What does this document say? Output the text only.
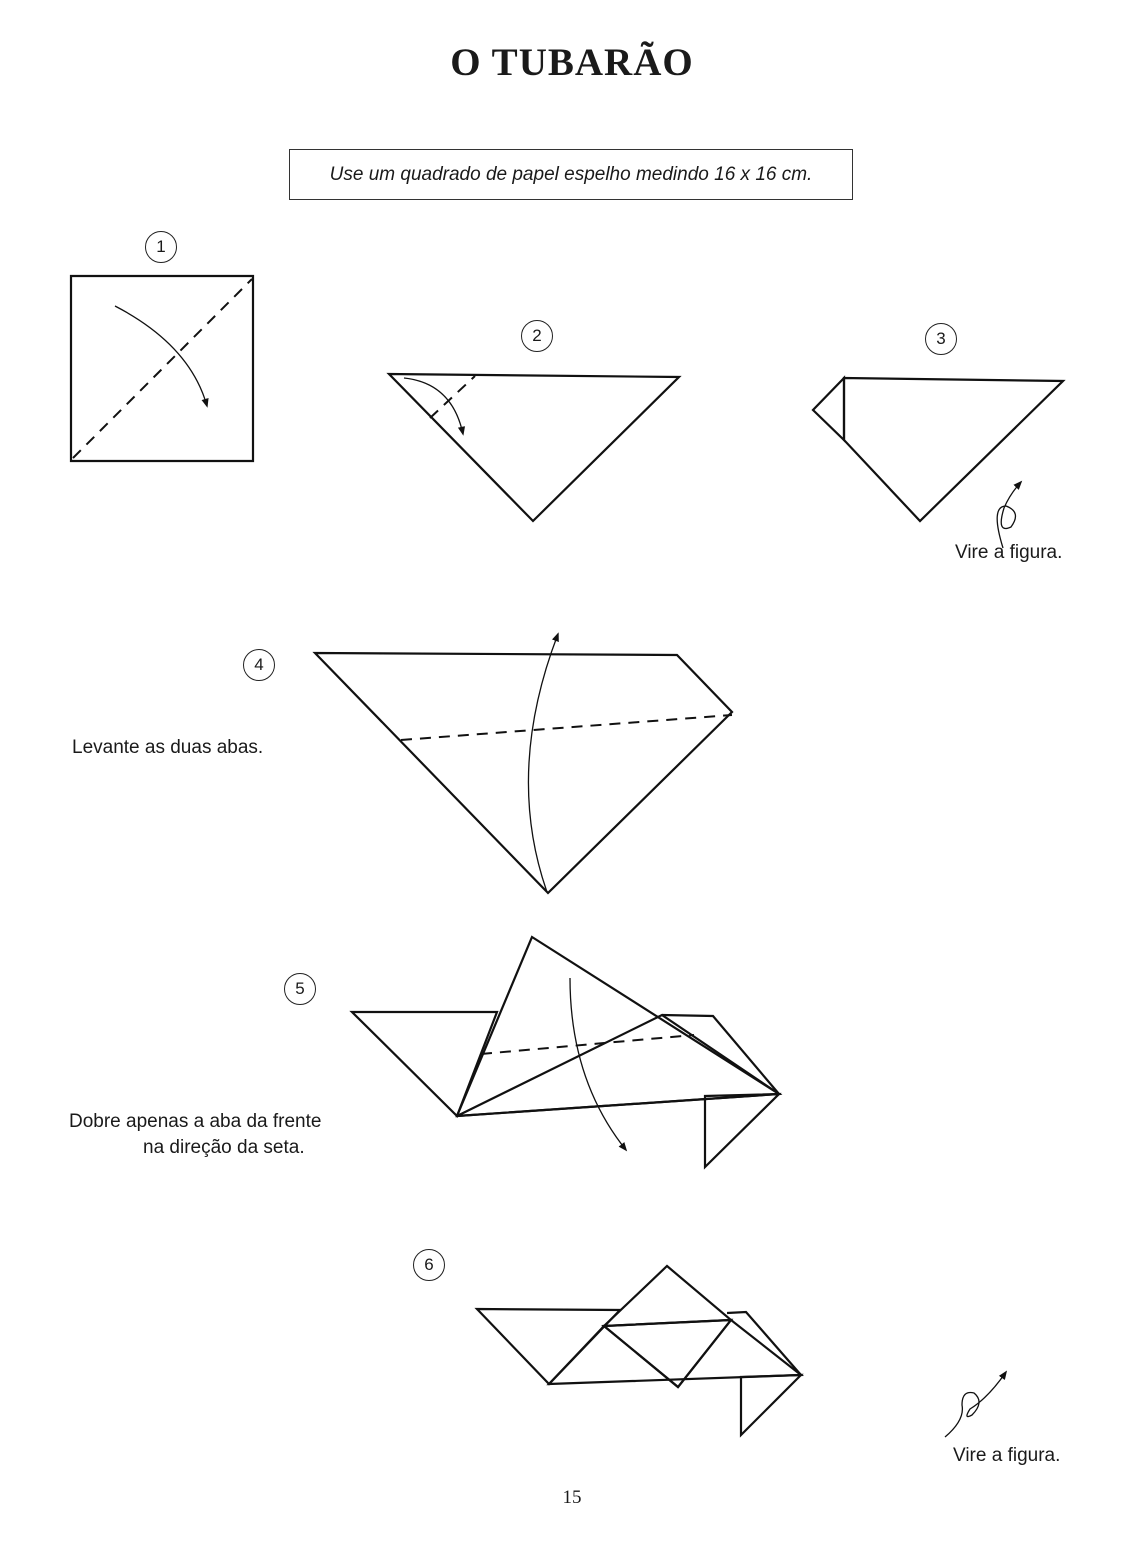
O TUBARÃO
Use um quadrado de papel espelho medindo 16 x 16 cm.
1
2	3
4
5
6
Vire a figura.
Levante as duas abas.
Dobre apenas a aba da frente
na direção da seta.
Vire a figura.
15
